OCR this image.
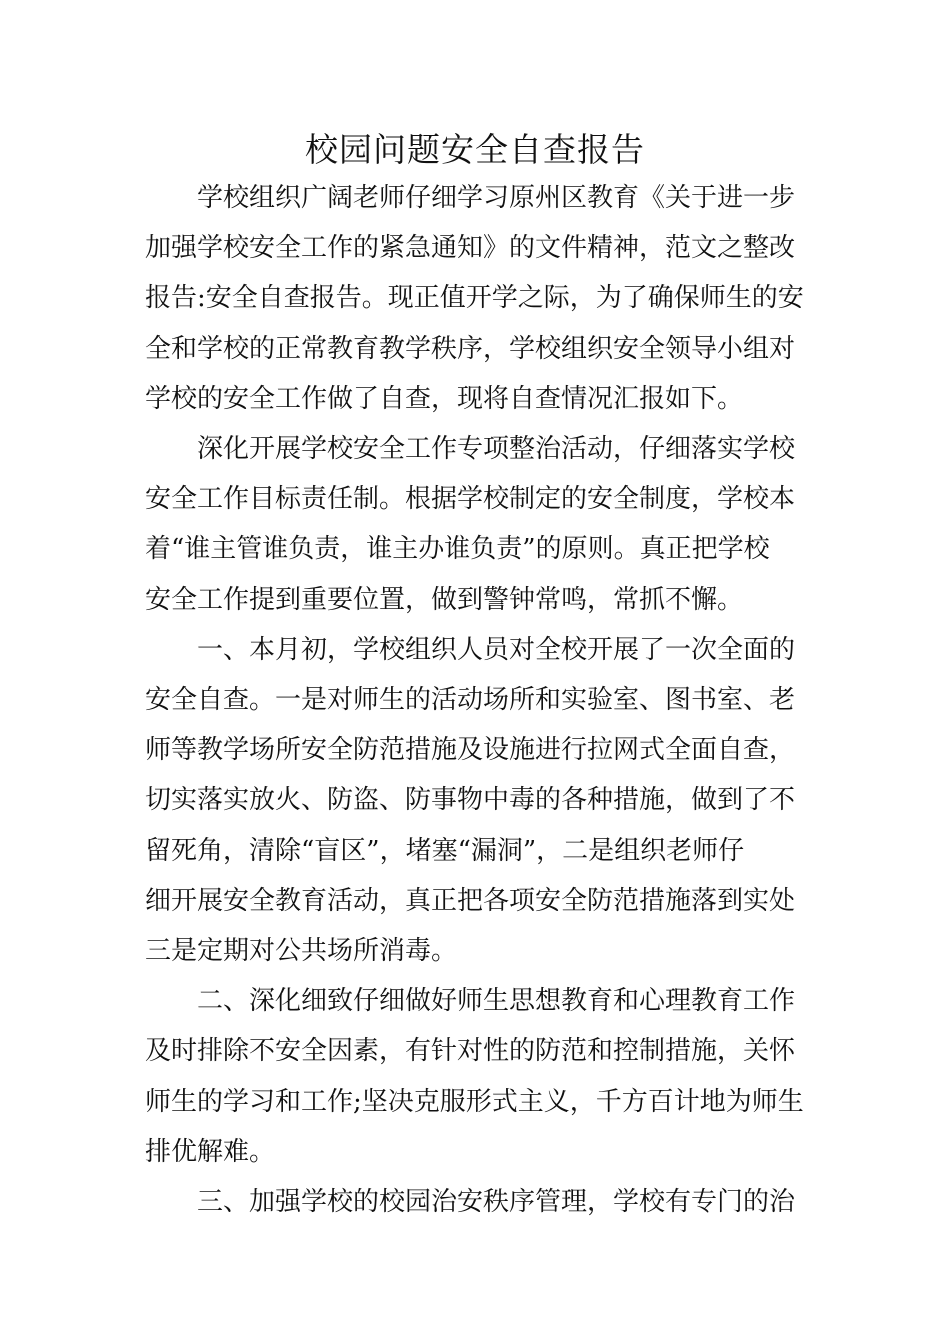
校园问题安全自查报告

学校组织广阔老师仔细学习原州区教育《关于进一步
加强学校安全工作的紧急通知》的文件精神，范文之整改
报告:安全自查报告。现正值开学之际，为了确保师生的安
全和学校的正常教育教学秩序，学校组织安全领导小组对
学校的安全工作做了自查，现将自查情况汇报如下。

深化开展学校安全工作专项整治活动，仔细落实学校
安全工作目标责任制。根据学校制定的安全制度，学校本
着“谁主管谁负责，谁主办谁负责”的原则。真正把学校
安全工作提到重要位置，做到警钟常鸣，常抓不懈。

一、本月初，学校组织人员对全校开展了一次全面的
安全自查。一是对师生的活动场所和实验室、图书室、老
师等教学场所安全防范措施及设施进行拉网式全面自查，
切实落实放火、防盗、防事物中毒的各种措施，做到了不
留死角，清除“盲区”，堵塞“漏洞”，二是组织老师仔
细开展安全教育活动，真正把各项安全防范措施落到实处
三是定期对公共场所消毒。

二、深化细致仔细做好师生思想教育和心理教育工作
及时排除不安全因素，有针对性的防范和控制措施，关怀
师生的学习和工作;坚决克服形式主义，千方百计地为师生
排优解难。

三、加强学校的校园治安秩序管理，学校有专门的治
